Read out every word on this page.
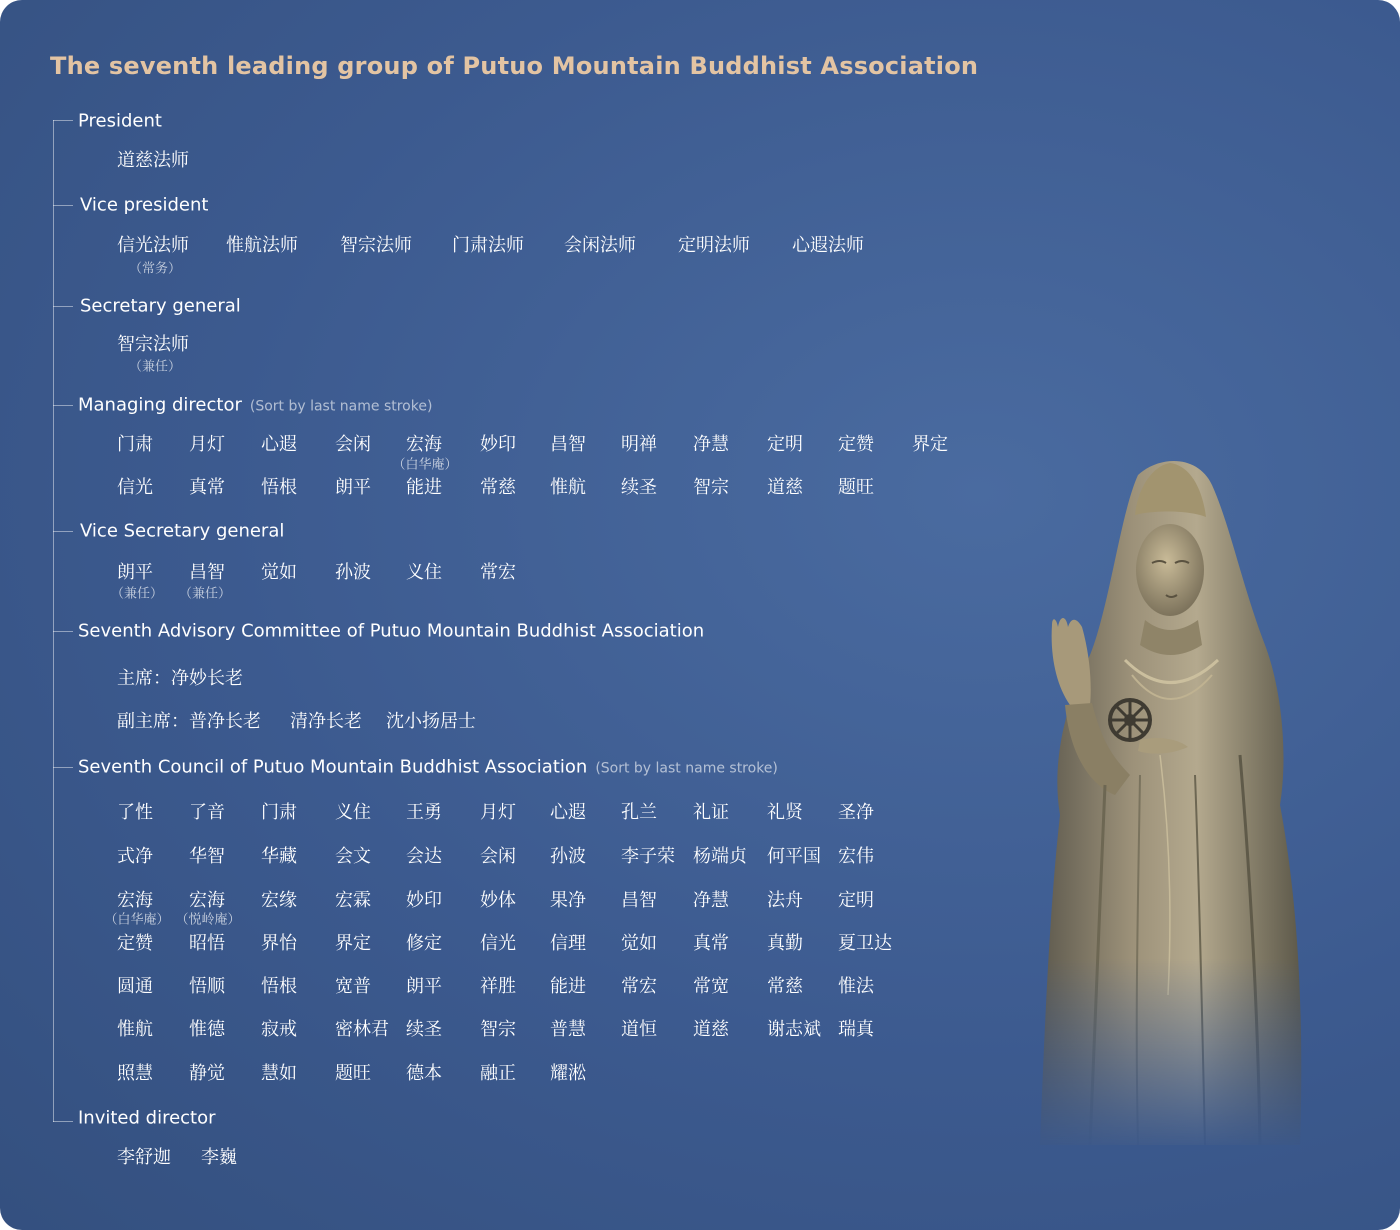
The seventh leading group of Putuo Mountain Buddhist Association
President
道慈法师
Vice president
信光法师 惟航法师 智宗法师 门肃法师 会闲法师 定明法师 心遐法师
（常务）
Secretary general
智宗法师
（兼任）
Managing director (Sort by last name stroke)
门肃 月灯 心遐 会闲 宏海 妙印 昌智 明禅 净慧 定明 定赞 界定
信光 真常 悟根 朗平 能进 常慈 惟航 续圣 智宗 道慈 题旺
（白华庵）
Vice Secretary general
朗平 昌智 觉如 孙波 义住 常宏
（兼任） （兼任）
Seventh Advisory Committee of Putuo Mountain Buddhist Association
主席：净妙长老
副主席：普净长老 清净长老 沈小扬居士
Seventh Council of Putuo Mountain Buddhist Association (Sort by last name stroke)
了性 了音 门肃 义住 王勇 月灯 心遐 孔兰 礼证 礼贤 圣净
式净 华智 华藏 会文 会达 会闲 孙波 李子荣 杨端贞 何平国 宏伟
宏海 宏海 宏缘 宏霖 妙印 妙体 果净 昌智 净慧 法舟 定明
定赞 昭悟 界怡 界定 修定 信光 信理 觉如 真常 真勤 夏卫达
圆通 悟顺 悟根 宽普 朗平 祥胜 能进 常宏 常宽 常慈 惟法
惟航 惟德 寂戒 密林君 续圣 智宗 普慧 道恒 道慈 谢志斌 瑞真
照慧 静觉 慧如 题旺 德本 融正 耀淞
（白华庵） （悦岭庵）
Invited director
李舒迦 李巍
